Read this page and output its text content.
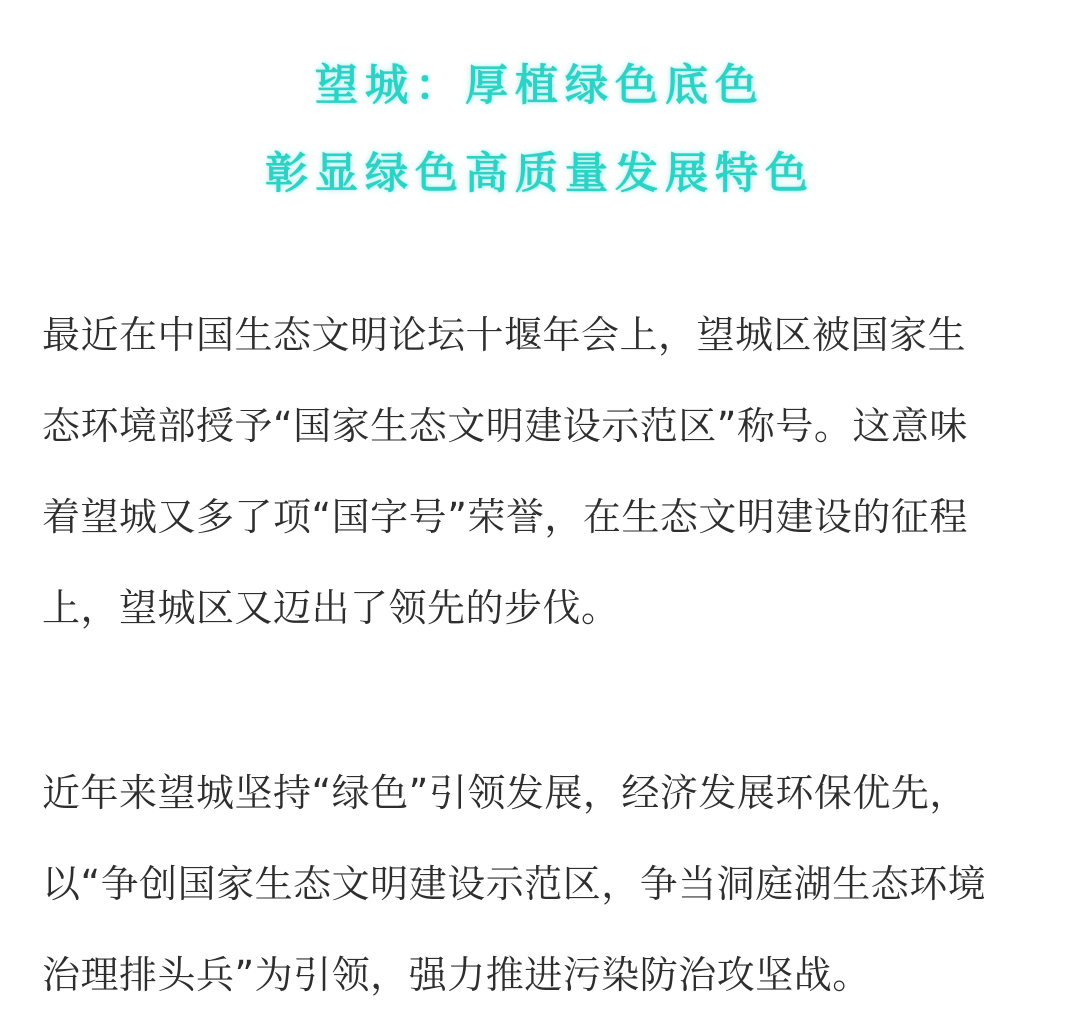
望城：厚植绿色底色
彰显绿色高质量发展特色
最近在中国生态文明论坛十堰年会上，望城区被国家生
态环境部授予“国家生态文明建设示范区”称号。这意味
着望城又多了项“国字号”荣誉，在生态文明建设的征程
上，望城区又迈出了领先的步伐。
近年来望城坚持“绿色”引领发展，经济发展环保优先，
以“争创国家生态文明建设示范区，争当洞庭湖生态环境
治理排头兵”为引领，强力推进污染防治攻坚战。
